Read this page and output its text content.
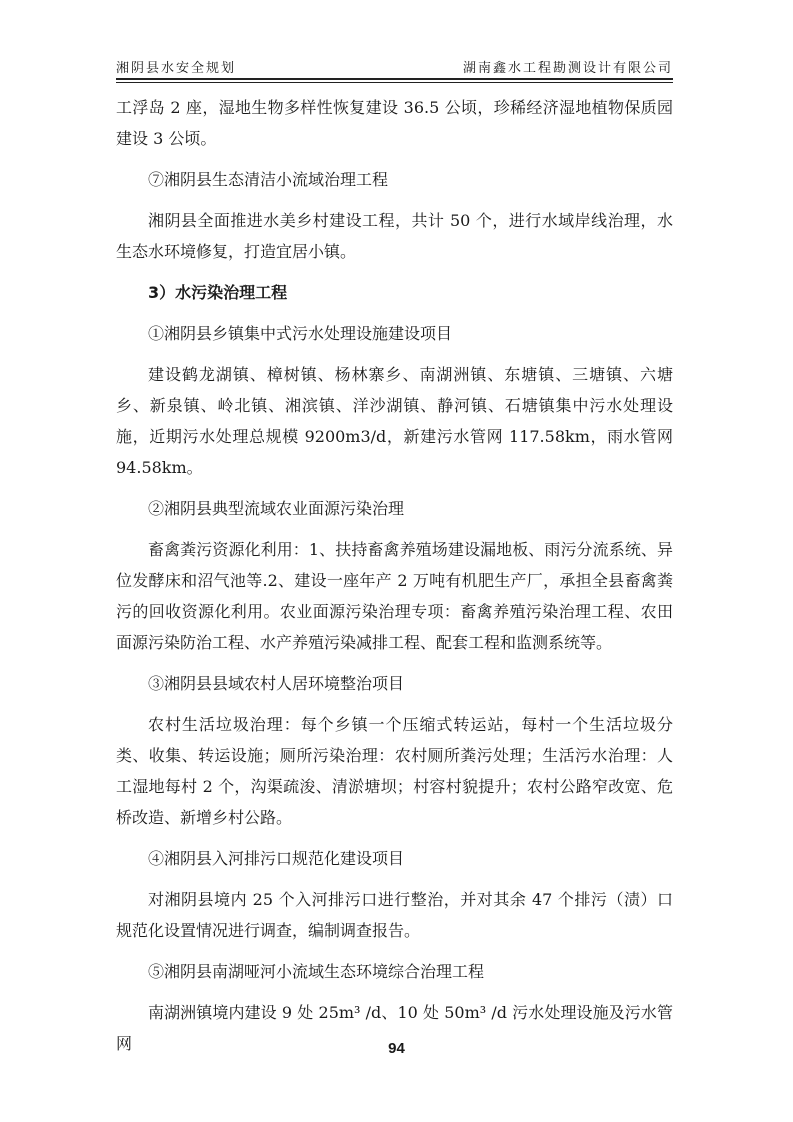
湘阴县水安全规划	湖南鑫水工程勘测设计有限公司

工浮岛 2 座，湿地生物多样性恢复建设 36.5 公顷，珍稀经济湿地植物保质园建设 3 公顷。

⑦湘阴县生态清洁小流域治理工程

湘阴县全面推进水美乡村建设工程，共计 50 个，进行水域岸线治理，水生态水环境修复，打造宜居小镇。

3）水污染治理工程

①湘阴县乡镇集中式污水处理设施建设项目

建设鹤龙湖镇、樟树镇、杨林寨乡、南湖洲镇、东塘镇、三塘镇、六塘乡、新泉镇、岭北镇、湘滨镇、洋沙湖镇、静河镇、石塘镇集中污水处理设施，近期污水处理总规模 9200m3/d，新建污水管网 117.58km，雨水管网 94.58km。

②湘阴县典型流域农业面源污染治理

畜禽粪污资源化利用：1、扶持畜禽养殖场建设漏地板、雨污分流系统、异位发酵床和沼气池等.2、建设一座年产 2 万吨有机肥生产厂，承担全县畜禽粪污的回收资源化利用。农业面源污染治理专项：畜禽养殖污染治理工程、农田面源污染防治工程、水产养殖污染减排工程、配套工程和监测系统等。

③湘阴县县域农村人居环境整治项目

农村生活垃圾治理：每个乡镇一个压缩式转运站，每村一个生活垃圾分类、收集、转运设施；厕所污染治理：农村厕所粪污处理；生活污水治理：人工湿地每村 2 个，沟渠疏浚、清淤塘坝；村容村貌提升；农村公路窄改宽、危桥改造、新增乡村公路。

④湘阴县入河排污口规范化建设项目

对湘阴县境内 25 个入河排污口进行整治，并对其余 47 个排污（渍）口规范化设置情况进行调查，编制调查报告。

⑤湘阴县南湖哑河小流域生态环境综合治理工程

南湖洲镇境内建设 9 处 25m³ /d、10 处 50m³ /d 污水处理设施及污水管网	94
